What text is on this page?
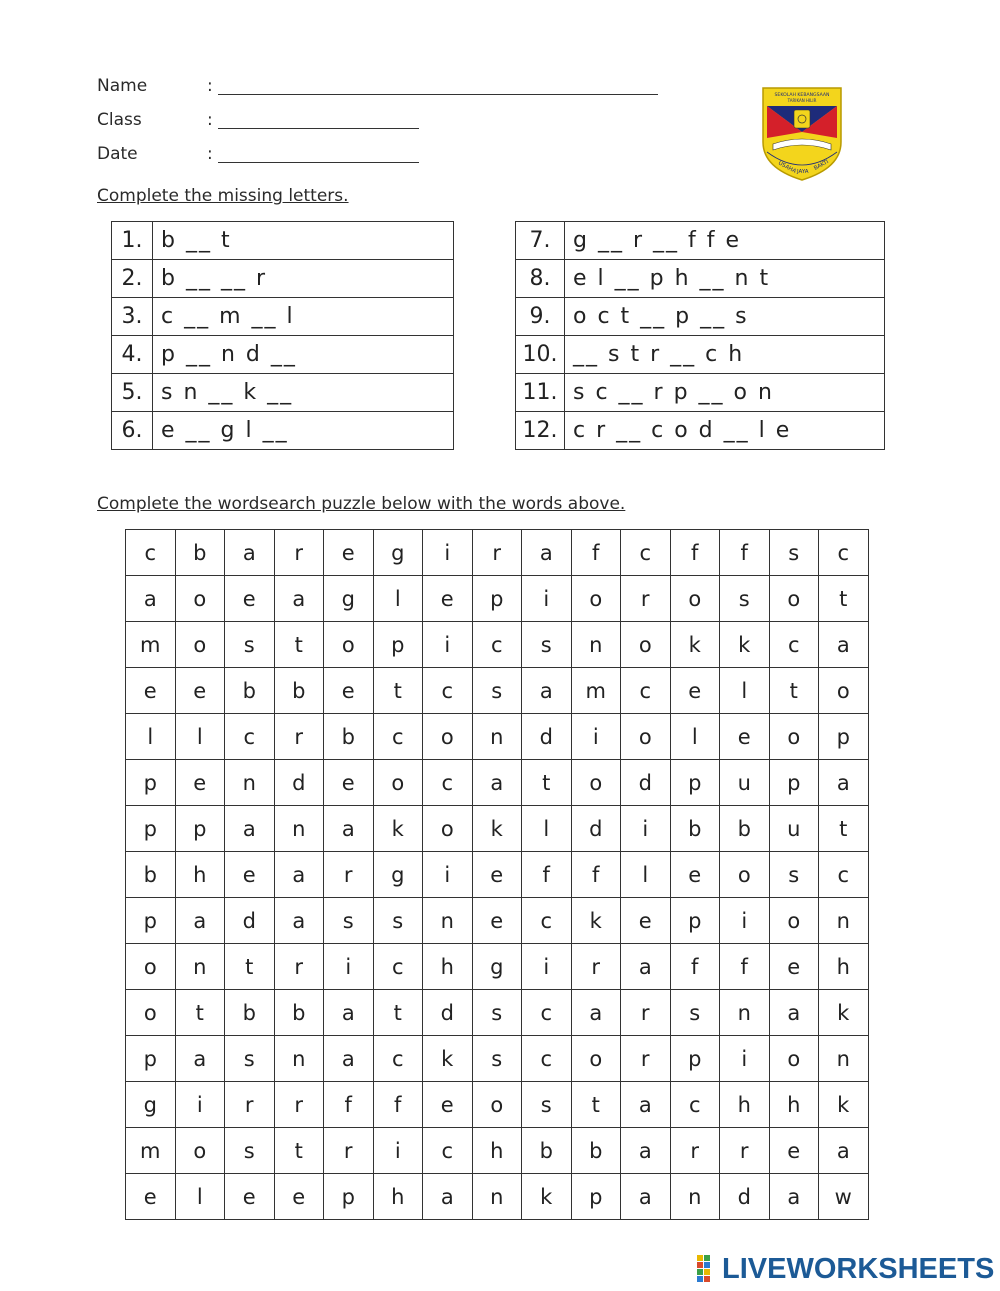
Name	:
Class	:
Date	:
SEKOLAH KEBANGSAAN
TARIKAN HILIR
USAHA JAYA
BAKTI
Complete the missing letters.
1.	b __ t
2.	b __ __ r
3.	c __ m __ l
4.	p __ n d __
5.	s n __ k __
6.	e __ g l __
7.	g __ r __ f f e
8.	e l __ p h __ n t
9.	o c t __ p __ s
10.	__ s t r __ c h
11.	s c __ r p __ o n
12.	c r __ c o d __ l e
Complete the wordsearch puzzle below with the words above.
c	b	a	r	e	g	i	r	a	f	c	f	f	s	c
a	o	e	a	g	l	e	p	i	o	r	o	s	o	t
m	o	s	t	o	p	i	c	s	n	o	k	k	c	a
e	e	b	b	e	t	c	s	a	m	c	e	l	t	o
l	l	c	r	b	c	o	n	d	i	o	l	e	o	p
p	e	n	d	e	o	c	a	t	o	d	p	u	p	a
p	p	a	n	a	k	o	k	l	d	i	b	b	u	t
b	h	e	a	r	g	i	e	f	f	l	e	o	s	c
p	a	d	a	s	s	n	e	c	k	e	p	i	o	n
o	n	t	r	i	c	h	g	i	r	a	f	f	e	h
o	t	b	b	a	t	d	s	c	a	r	s	n	a	k
p	a	s	n	a	c	k	s	c	o	r	p	i	o	n
g	i	r	r	f	f	e	o	s	t	a	c	h	h	k
m	o	s	t	r	i	c	h	b	b	a	r	r	e	a
e	l	e	e	p	h	a	n	k	p	a	n	d	a	w
LIVEWORKSHEETS
